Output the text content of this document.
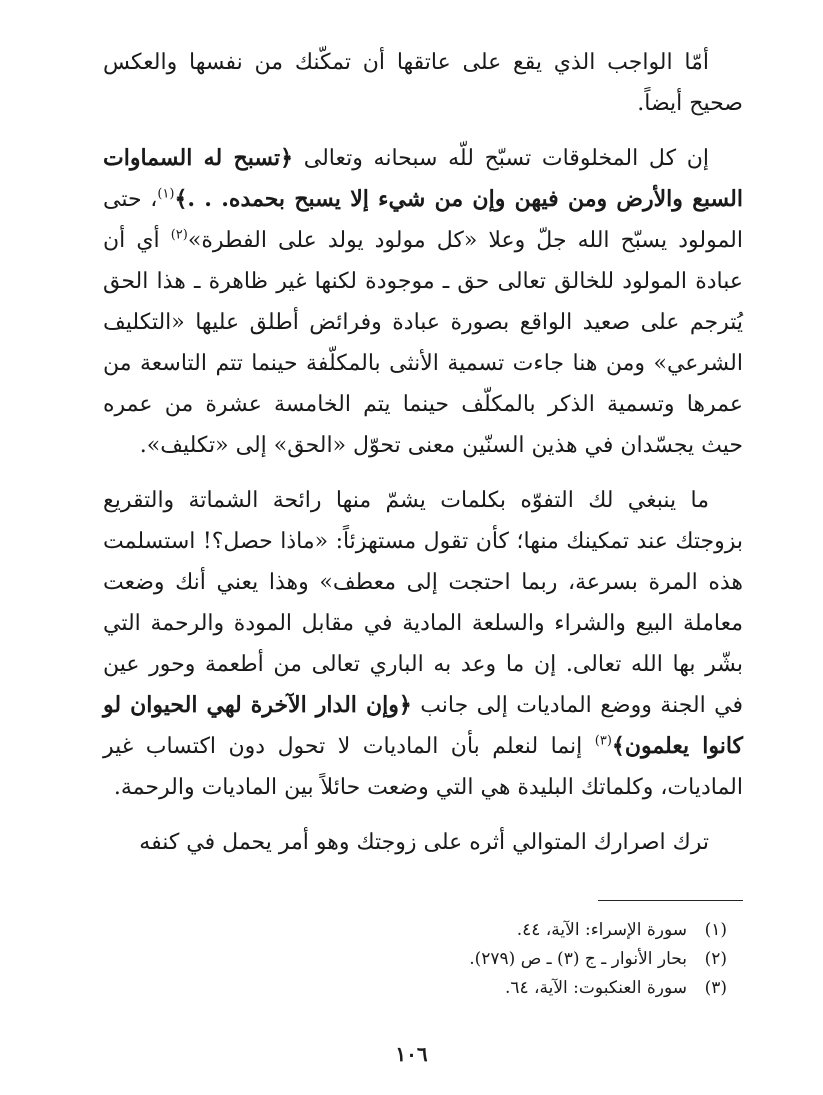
أمّا الواجب الذي يقع على عاتقها أن تمكّنك من نفسها والعكس صحيح أيضاً.

إن كل المخلوقات تسبّح للّه سبحانه وتعالى ﴿تسبح له السماوات السبع والأرض ومن فيهن وإن من شيء إلا يسبح بحمده. . .﴾$^{(١)}$، حتى المولود يسبّح الله جلّ وعلا «كل مولود يولد على الفطرة»$^{(٢)}$ أي أن عبادة المولود للخالق تعالى حق ـ موجودة لكنها غير ظاهرة ـ هذا الحق يُترجم على صعيد الواقع بصورة عبادة وفرائض أطلق عليها «التكليف الشرعي» ومن هنا جاءت تسمية الأنثى بالمكلّفة حينما تتم التاسعة من عمرها وتسمية الذكر بالمكلّف حينما يتم الخامسة عشرة من عمره حيث يجسّدان في هذين السنّين معنى تحوّل «الحق» إلى «تكليف».

ما ينبغي لك التفوّه بكلمات يشمّ منها رائحة الشماتة والتقريع بزوجتك عند تمكينك منها؛ كأن تقول مستهزئاً: «ماذا حصل؟! استسلمت هذه المرة بسرعة، ربما احتجت إلى معطف» وهذا يعني أنك وضعت معاملة البيع والشراء والسلعة المادية في مقابل المودة والرحمة التي بشّر بها الله تعالى. إن ما وعد به الباري تعالى من أطعمة وحور عين في الجنة ووضع الماديات إلى جانب ﴿وإن الدار الآخرة لهي الحيوان لو كانوا يعلمون﴾$^{(٣)}$ إنما لنعلم بأن الماديات لا تحول دون اكتساب غير الماديات، وكلماتك البليدة هي التي وضعت حائلاً بين الماديات والرحمة.

ترك اصرارك المتوالي أثره على زوجتك وهو أمر يحمل في كنفه

(١)
سورة الإسراء: الآية، ٤٤.
(٢)
بحار الأنوار ـ ج (٣) ـ ص (٢٧٩).
(٣)
سورة العنكبوت: الآية، ٦٤.
١٠٦
